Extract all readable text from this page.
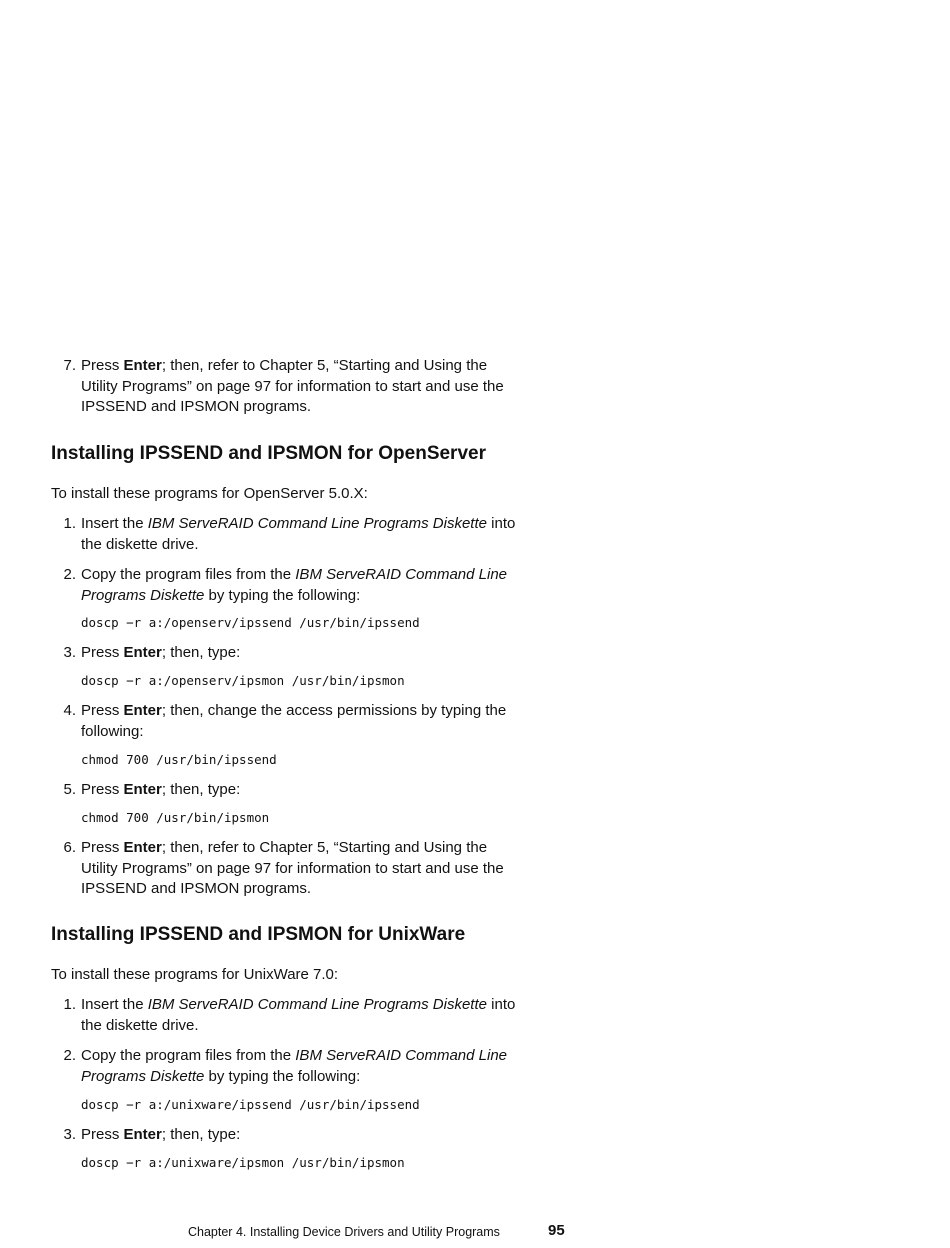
7. Press Enter; then, refer to Chapter 5, “Starting and Using the
Utility Programs” on page 97 for information to start and use the
IPSSEND and IPSMON programs.
Installing IPSSEND and IPSMON for OpenServer

To install these programs for OpenServer 5.0.X:

1. Insert the IBM ServeRAID Command Line Programs Diskette into
the diskette drive.
2. Copy the program files from the IBM ServeRAID Command Line
Programs Diskette by typing the following:
doscp −r a:/openserv/ipssend /usr/bin/ipssend
3. Press Enter; then, type:
doscp −r a:/openserv/ipsmon /usr/bin/ipsmon
4. Press Enter; then, change the access permissions by typing the
following:
chmod 700 /usr/bin/ipssend
5. Press Enter; then, type:
chmod 700 /usr/bin/ipsmon
6. Press Enter; then, refer to Chapter 5, “Starting and Using the
Utility Programs” on page 97 for information to start and use the
IPSSEND and IPSMON programs.
Installing IPSSEND and IPSMON for UnixWare

To install these programs for UnixWare 7.0:

1. Insert the IBM ServeRAID Command Line Programs Diskette into
the diskette drive.
2. Copy the program files from the IBM ServeRAID Command Line
Programs Diskette by typing the following:
doscp −r a:/unixware/ipssend /usr/bin/ipssend
3. Press Enter; then, type:
doscp −r a:/unixware/ipsmon /usr/bin/ipsmon
Chapter 4. Installing Device Drivers and Utility Programs	95
